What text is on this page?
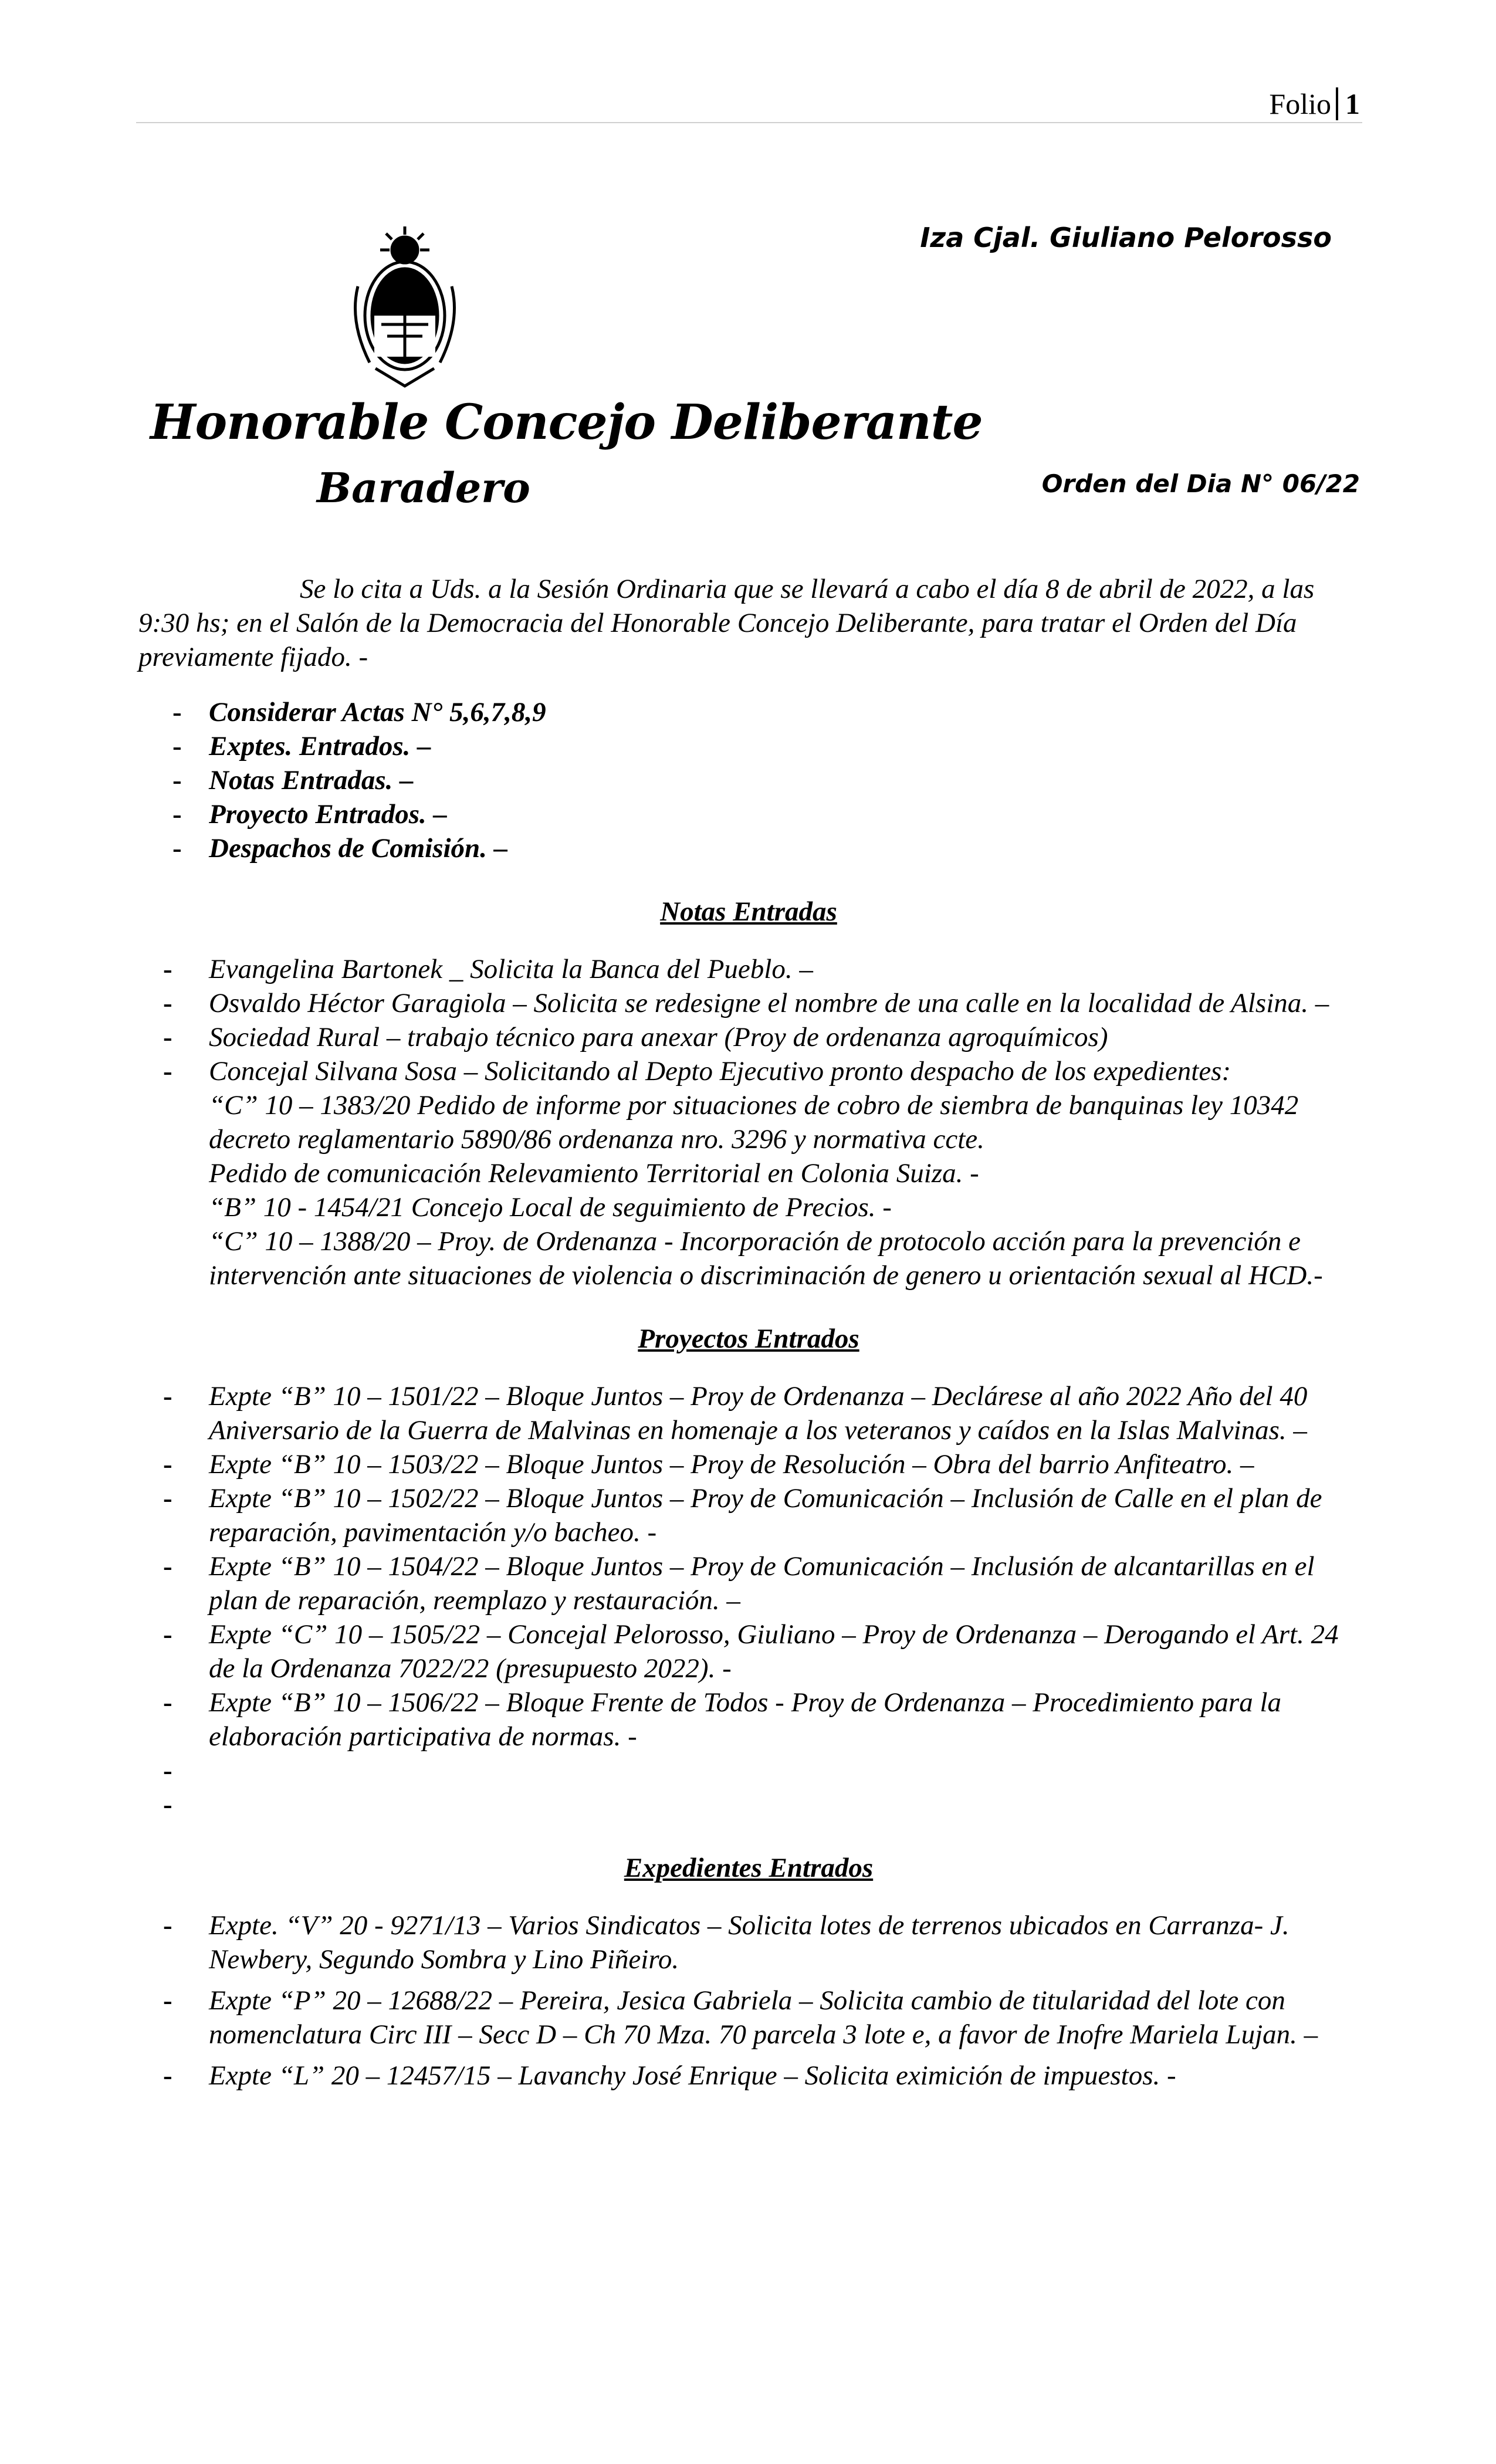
Folio 1
Honorable Concejo Deliberante
Baradero
Iza Cjal. Giuliano Pelorosso
Orden del Dia N° 06/22

Se lo cita a Uds. a la Sesión Ordinaria que se llevará a cabo el día 8 de abril de 2022, a las 9:30 hs; en el Salón de la Democracia del Honorable Concejo Deliberante, para tratar el Orden del Día previamente fijado. -

- Considerar Actas N° 5,6,7,8,9
- Exptes. Entrados. –
- Notas Entradas. –
- Proyecto Entrados. –
- Despachos de Comisión. –
Notas Entradas
- Evangelina Bartonek _ Solicita la Banca del Pueblo. –
- Osvaldo Héctor Garagiola – Solicita se redesigne el nombre de una calle en la localidad de Alsina. –
- Sociedad Rural – trabajo técnico para anexar (Proy de ordenanza agroquímicos)
- Concejal Silvana Sosa – Solicitando al Depto Ejecutivo pronto despacho de los expedientes:
“C” 10 – 1383/20 Pedido de informe por situaciones de cobro de siembra de banquinas ley 10342 decreto reglamentario 5890/86 ordenanza nro. 3296 y normativa ccte.
Pedido de comunicación Relevamiento Territorial en Colonia Suiza. -
“B” 10 - 1454/21 Concejo Local de seguimiento de Precios. -
“C” 10 – 1388/20 – Proy. de Ordenanza - Incorporación de protocolo acción para la prevención e intervención ante situaciones de violencia o discriminación de genero u orientación sexual al HCD.-
Proyectos Entrados
- Expte “B” 10 – 1501/22 – Bloque Juntos – Proy de Ordenanza – Declárese al año 2022 Año del 40 Aniversario de la Guerra de Malvinas en homenaje a los veteranos y caídos en la Islas Malvinas. –
- Expte “B” 10 – 1503/22 – Bloque Juntos – Proy de Resolución – Obra del barrio Anfiteatro. –
- Expte “B” 10 – 1502/22 – Bloque Juntos – Proy de Comunicación – Inclusión de Calle en el plan de reparación, pavimentación y/o bacheo. -
- Expte “B” 10 – 1504/22 – Bloque Juntos – Proy de Comunicación – Inclusión de alcantarillas en el plan de reparación, reemplazo y restauración. –
- Expte “C” 10 – 1505/22 – Concejal Pelorosso, Giuliano – Proy de Ordenanza – Derogando el Art. 24 de la Ordenanza 7022/22 (presupuesto 2022). -
- Expte “B” 10 – 1506/22 – Bloque Frente de Todos - Proy de Ordenanza – Procedimiento para la elaboración participativa de normas. -
-
-
Expedientes Entrados
- Expte. “V” 20 - 9271/13 – Varios Sindicatos – Solicita lotes de terrenos ubicados en Carranza- J. Newbery, Segundo Sombra y Lino Piñeiro.
- Expte “P” 20 – 12688/22 – Pereira, Jesica Gabriela – Solicita cambio de titularidad del lote con nomenclatura Circ III – Secc D – Ch 70 Mza. 70 parcela 3 lote e, a favor de Inofre Mariela Lujan. –
- Expte “L” 20 – 12457/15 – Lavanchy José Enrique – Solicita eximición de impuestos. -
